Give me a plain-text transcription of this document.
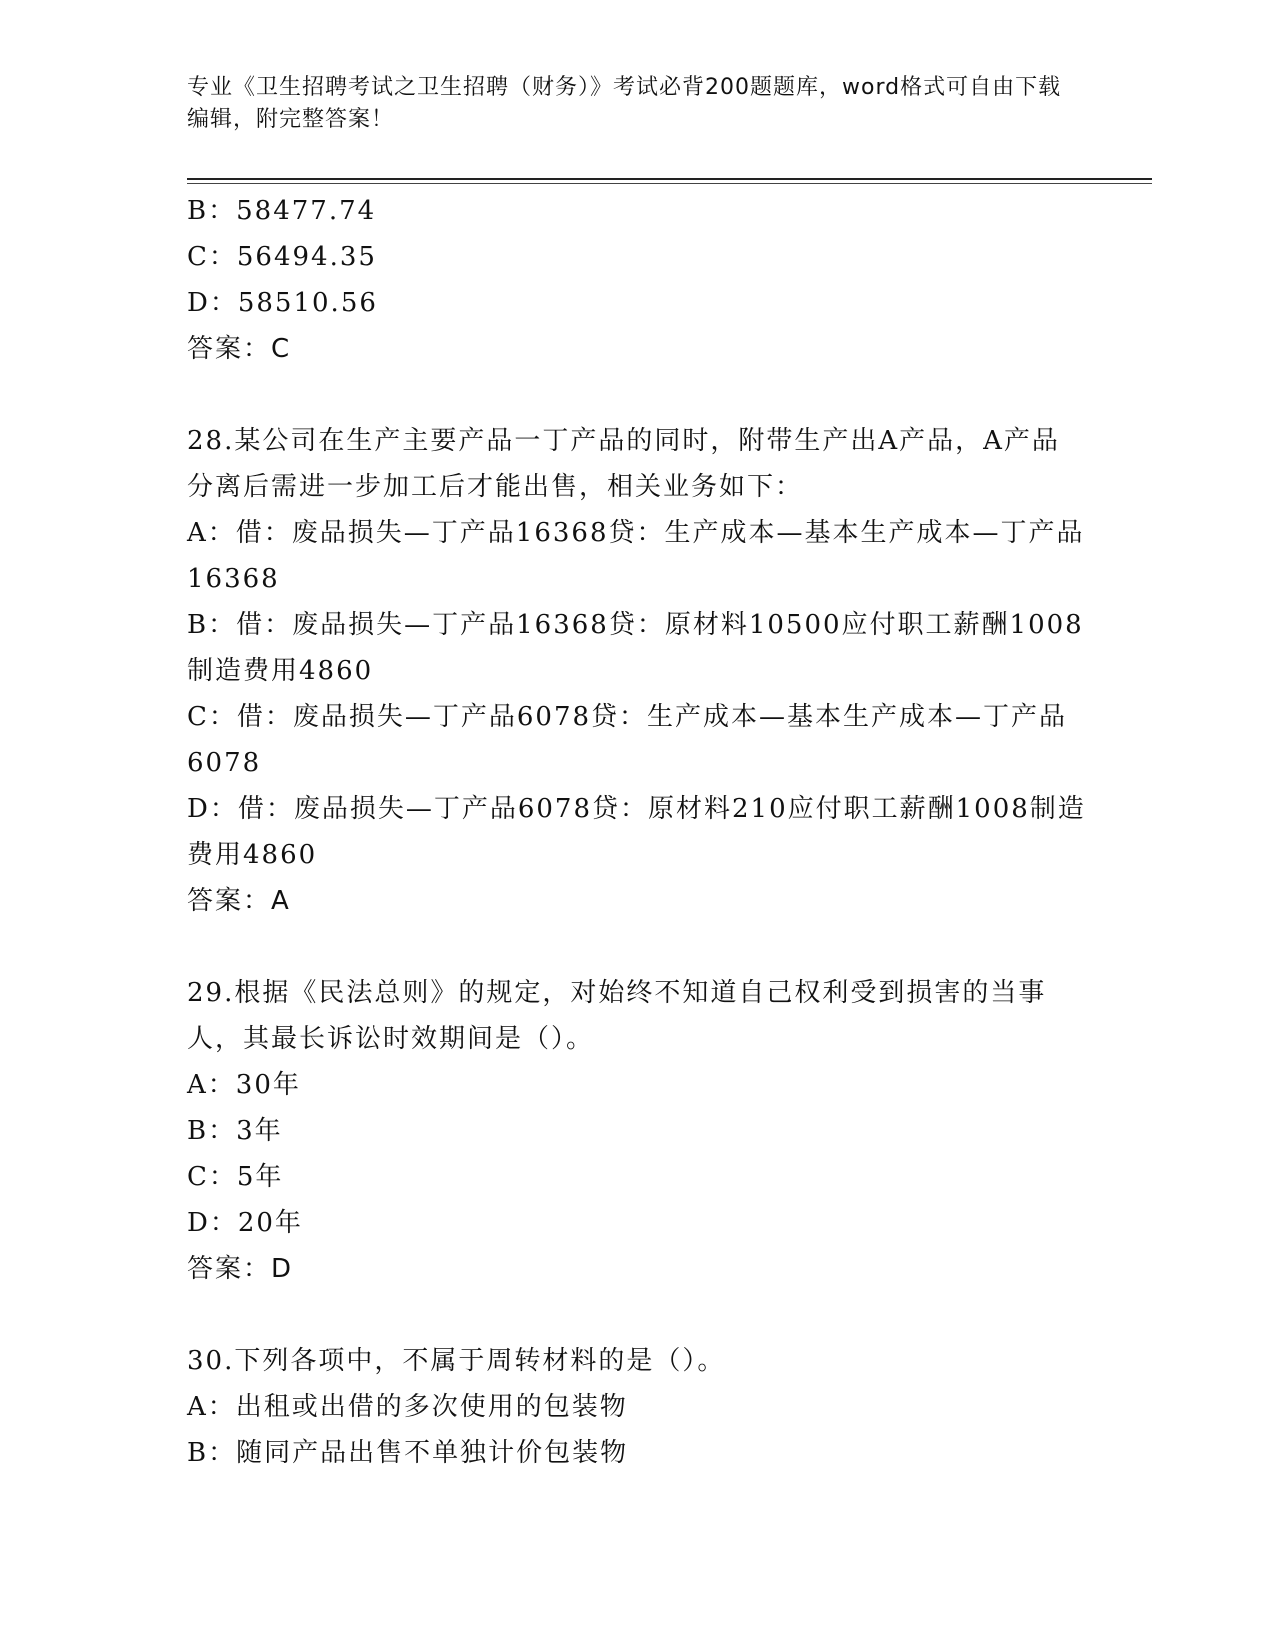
专业《卫生招聘考试之卫生招聘（财务）》考试必背200题题库，word格式可自由下载编辑，附完整答案！

B：58477.74

C：56494.35

D：58510.56

答案：C

28.某公司在生产主要产品一丁产品的同时，附带生产出A产品，A产品分离后需进一步加工后才能出售，相关业务如下：

A：借：废品损失—丁产品16368贷：生产成本—基本生产成本—丁产品16368

B：借：废品损失—丁产品16368贷：原材料10500应付职工薪酬1008制造费用4860

C：借：废品损失—丁产品6078贷：生产成本—基本生产成本—丁产品6078

D：借：废品损失—丁产品6078贷：原材料210应付职工薪酬1008制造费用4860

答案：A

29.根据《民法总则》的规定，对始终不知道自己权利受到损害的当事人，其最长诉讼时效期间是（）。

A：30年

B：3年

C：5年

D：20年

答案：D

30.下列各项中，不属于周转材料的是（）。

A：出租或出借的多次使用的包装物

B：随同产品出售不单独计价包装物
